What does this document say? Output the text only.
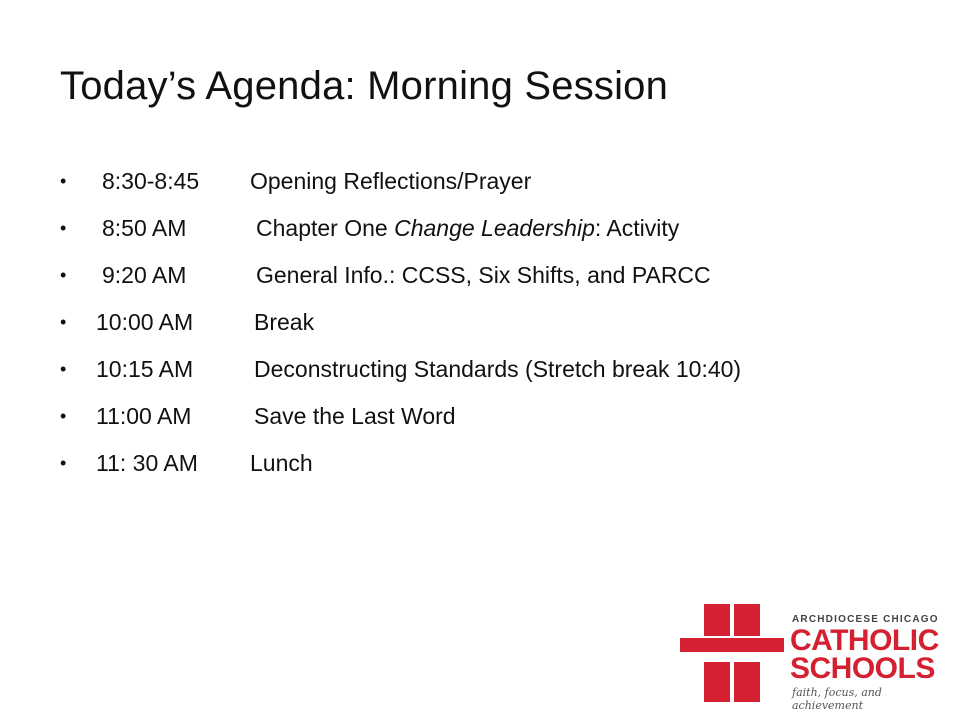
Today’s Agenda: Morning Session
• 8:30-8:45 Opening Reflections/Prayer
• 8:50 AM	Chapter One Change Leadership: Activity
• 9:20 AM	General Info.: CCSS, Six Shifts, and PARCC
• 10:00 AM	Break
• 10:15 AM	Deconstructing Standards (Stretch break 10:40)
• 11:00 AM	Save the Last Word
• 11: 30 AM Lunch
ARCHDIOCESE CHICAGO
CATHOLIC
SCHOOLS
faith, focus, and achievement
